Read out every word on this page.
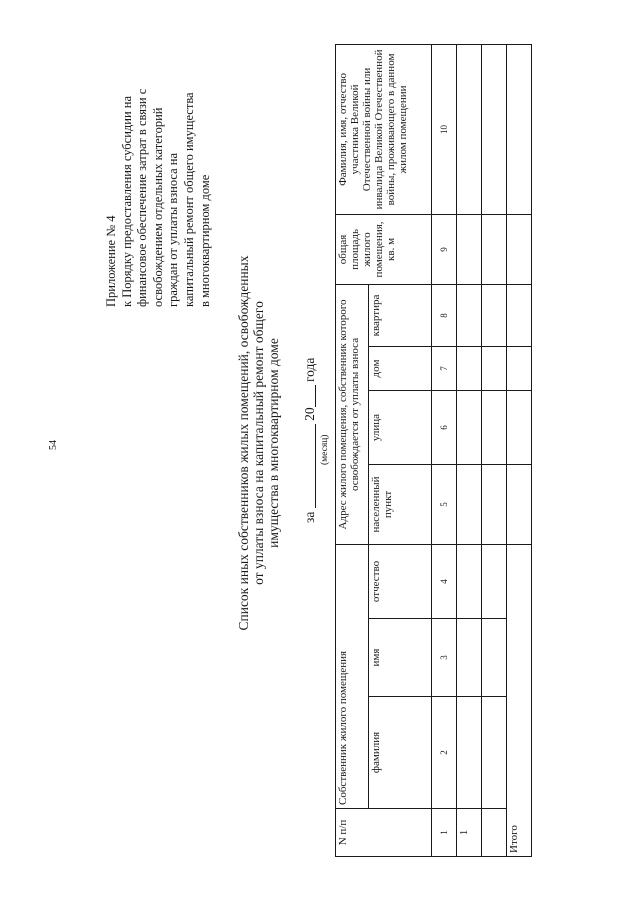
54
Приложение № 4 к Порядку предоставления субсидии на финансовое обеспечение затрат в связи с освобождением отдельных категорий граждан от уплаты взноса на капитальный ремонт общего имущества в многоквартирном доме
Список иных собственников жилых помещений, освобожденных от уплаты взноса на капитальный ремонт общего имущества в многоквартирном доме за  20 года
(месяц)
N п/п	Собственник жилого помещения			Адрес жилого помещения, собственник которого освобождается от уплаты взноса				общая площадь жилого помещения, кв. м	Фамилия, имя, отчество участника Великой Отечественной войны или инвалида Великой Отечественной войны, проживающего в данном жилом помещении
	фамилия	имя	отчество	населенный пункт	улица	дом	квартира		
1	2	3	4	5	6	7	8	9	10
1									

Итого									
